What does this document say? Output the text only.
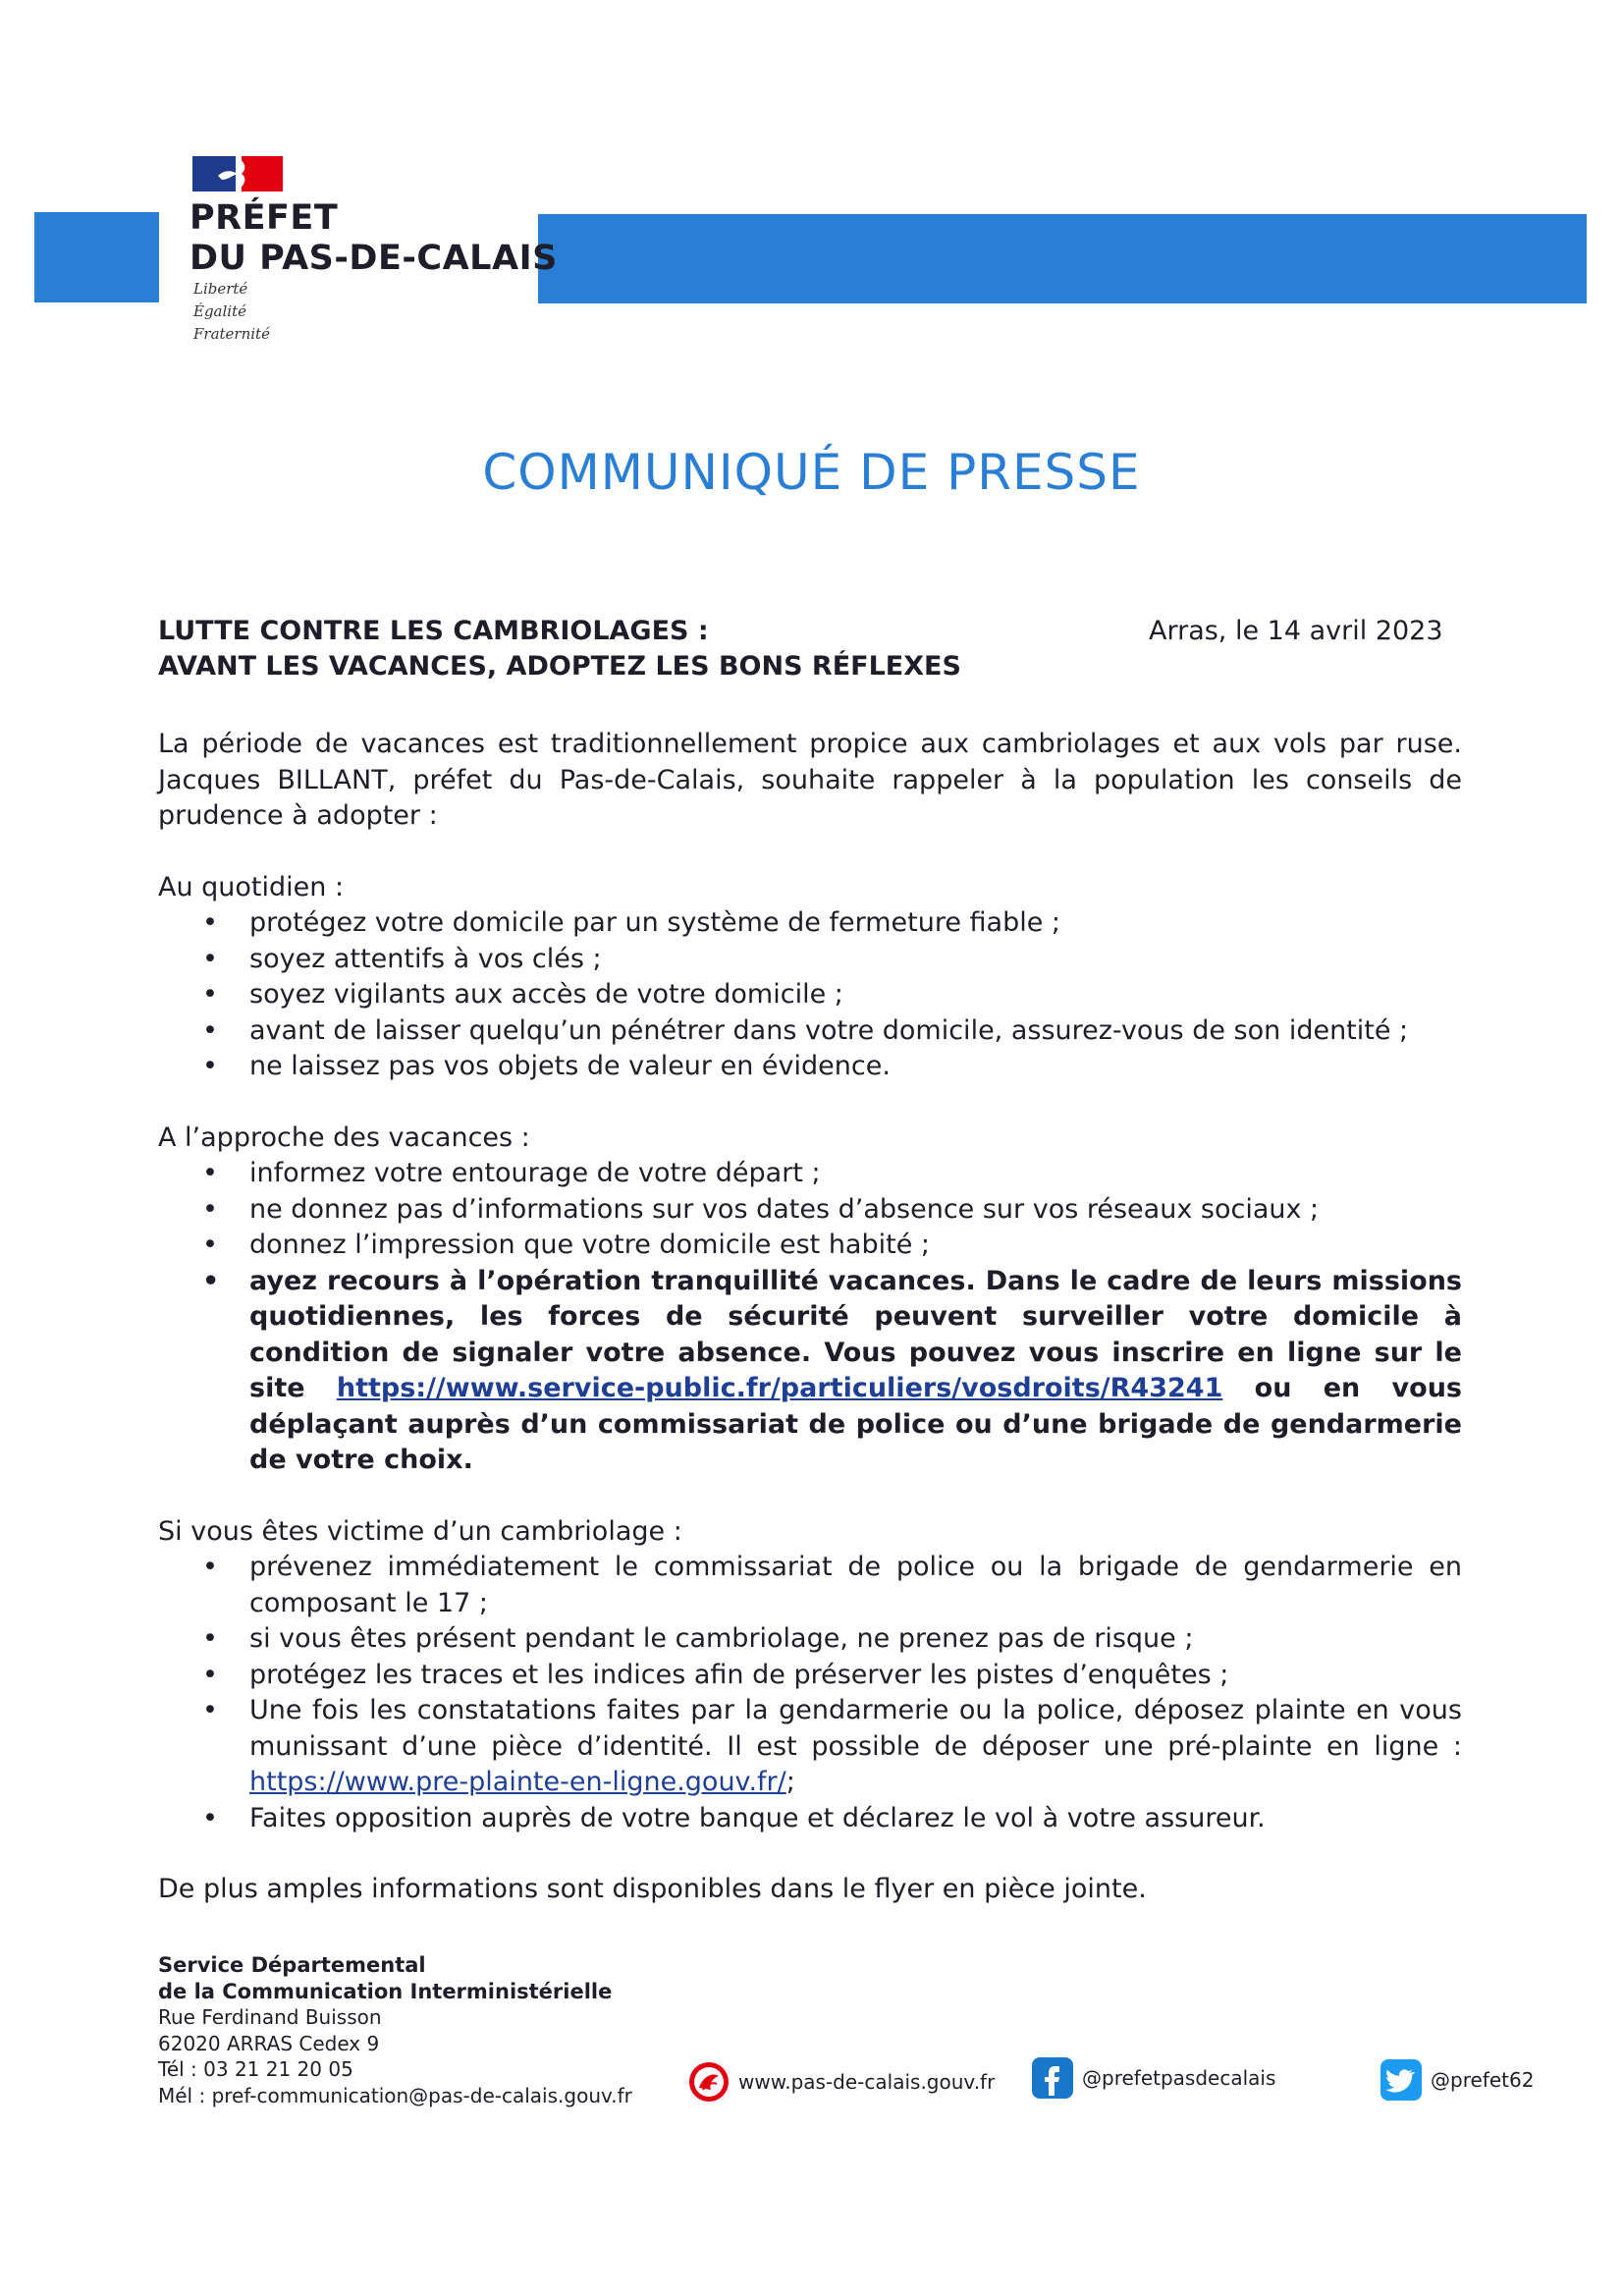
PRÉFET
DU PAS-DE-CALAIS
Liberté
Égalité
Fraternité
COMMUNIQUÉ DE PRESSE
LUTTE CONTRE LES CAMBRIOLAGES :
AVANT LES VACANCES, ADOPTEZ LES BONS RÉFLEXES
Arras, le 14 avril 2023

La période de vacances est traditionnellement propice aux cambriolages et aux vols par ruse. Jacques BILLANT, préfet du Pas-de-Calais, souhaite rappeler à la population les conseils de prudence à adopter :

Au quotidien :

• protégez votre domicile par un système de fermeture fiable ;
• soyez attentifs à vos clés ;
• soyez vigilants aux accès de votre domicile ;
• avant de laisser quelqu’un pénétrer dans votre domicile, assurez-vous de son identité ;
• ne laissez pas vos objets de valeur en évidence.

A l’approche des vacances :

• informez votre entourage de votre départ ;
• ne donnez pas d’informations sur vos dates d’absence sur vos réseaux sociaux ;
• donnez l’impression que votre domicile est habité ;
• ayez recours à l’opération tranquillité vacances. Dans le cadre de leurs missions quotidiennes, les forces de sécurité peuvent surveiller votre domicile à condition de signaler votre absence. Vous pouvez vous inscrire en ligne sur le site https://www.service-public.fr/particuliers/vosdroits/R43241 ou en vous déplaçant auprès d’un commissariat de police ou d’une brigade de gendarmerie de votre choix.

Si vous êtes victime d’un cambriolage :

• prévenez immédiatement le commissariat de police ou la brigade de gendarmerie en composant le 17 ;
• si vous êtes présent pendant le cambriolage, ne prenez pas de risque ;
• protégez les traces et les indices afin de préserver les pistes d’enquêtes ;
• Une fois les constatations faites par la gendarmerie ou la police, déposez plainte en vous munissant d’une pièce d’identité. Il est possible de déposer une pré-plainte en ligne : https://www.pre-plainte-en-ligne.gouv.fr/;
• Faites opposition auprès de votre banque et déclarez le vol à votre assureur.

De plus amples informations sont disponibles dans le flyer en pièce jointe.

Service Départemental
de la Communication Interministérielle
Rue Ferdinand Buisson
62020 ARRAS Cedex 9
Tél : 03 21 21 20 05
Mél : pref-communication@pas-de-calais.gouv.fr
www.pas-de-calais.gouv.fr	@prefetpasdecalais	@prefet62
